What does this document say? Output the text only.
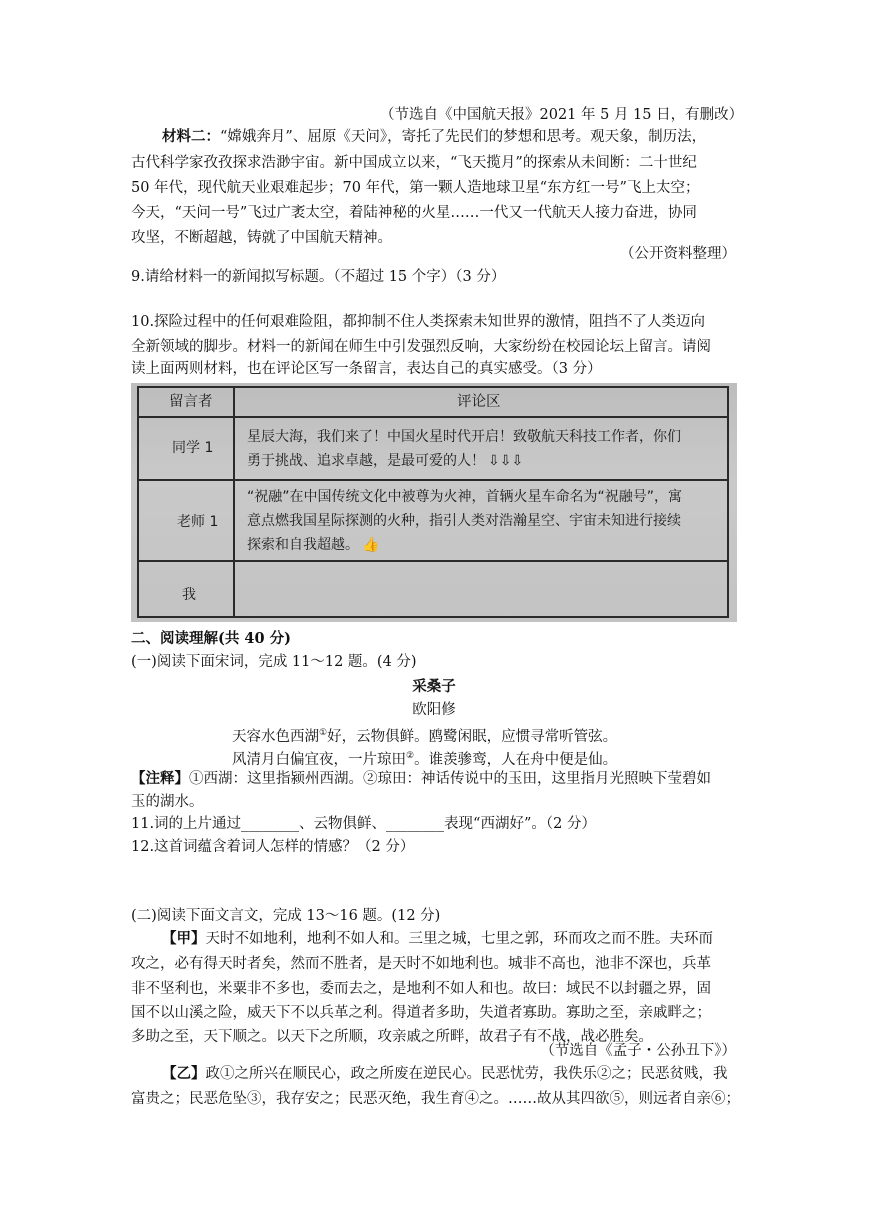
（节选自《中国航天报》2021 年 5 月 15 日，有删改）
材料二：“嫦娥奔月”、屈原《天问》，寄托了先民们的梦想和思考。观天象，制历法，
古代科学家孜孜探求浩渺宇宙。新中国成立以来，“飞天揽月”的探索从未间断：二十世纪
50 年代，现代航天业艰难起步；70 年代，第一颗人造地球卫星“东方红一号”飞上太空；
今天，“天问一号”飞过广袤太空，着陆神秘的火星……一代又一代航天人接力奋进，协同
攻坚，不断超越，铸就了中国航天精神。
（公开资料整理）
9.请给材料一的新闻拟写标题。（不超过 15 个字）（3 分）
10.探险过程中的任何艰难险阻，都抑制不住人类探索未知世界的激情，阻挡不了人类迈向
全新领域的脚步。材料一的新闻在师生中引发强烈反响，大家纷纷在校园论坛上留言。请阅
读上面两则材料，也在评论区写一条留言，表达自己的真实感受。（3 分）
留言者	评论区
同学 1
星辰大海，我们来了！中国火星时代开启！致敬航天科技工作者，你们
勇于挑战、追求卓越，是最可爱的人！ ⇩⇩⇩
老师 1
“祝融”在中国传统文化中被尊为火神，首辆火星车命名为“祝融号”，寓
意点燃我国星际探测的火种，指引人类对浩瀚星空、宇宙未知进行接续
探索和自我超越。 👍
我
二、阅读理解(共 40 分)
(一)阅读下面宋词，完成 11～12 题。(4 分)
采桑子
欧阳修
天容水色西湖①好，云物俱鲜。鸥鹭闲眠，应惯寻常听管弦。
风清月白偏宜夜，一片琼田②。谁羡骖鸾，人在舟中便是仙。
【注释】①西湖：这里指颍州西湖。②琼田：神话传说中的玉田，这里指月光照映下莹碧如
玉的湖水。
11.词的上片通过________、云物俱鲜、________表现“西湖好”。（2 分）
12.这首词蕴含着词人怎样的情感？（2 分）
(二)阅读下面文言文，完成 13～16 题。(12 分)
【甲】天时不如地利，地利不如人和。三里之城，七里之郭，环而攻之而不胜。夫环而
攻之，必有得天时者矣，然而不胜者，是天时不如地利也。城非不高也，池非不深也，兵革
非不坚利也，米粟非不多也，委而去之，是地利不如人和也。故曰：域民不以封疆之界，固
国不以山溪之险，威天下不以兵革之利。得道者多助，失道者寡助。寡助之至，亲戚畔之；
多助之至，天下顺之。以天下之所顺，攻亲戚之所畔，故君子有不战，战必胜矣。
（节选自《孟子・公孙丑下》）
【乙】政①之所兴在顺民心，政之所废在逆民心。民恶忧劳，我佚乐②之；民恶贫贱，我
富贵之；民恶危坠③，我存安之；民恶灭绝，我生育④之。……故从其四欲⑤，则远者自亲⑥；
